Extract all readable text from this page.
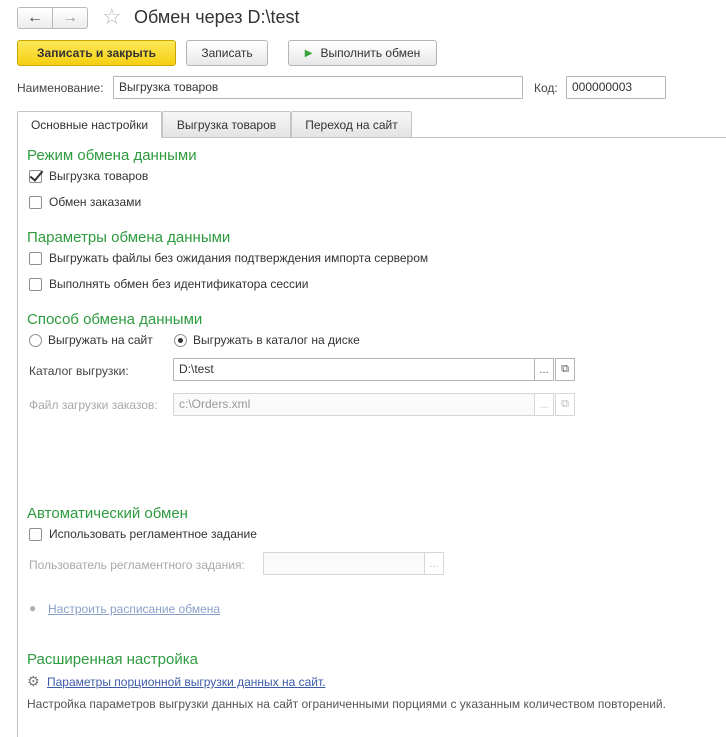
← → ☆ Обмен через D:\test
Записать и закрыть	Записать	▶ Выполнить обмен
Наименование:	Выгрузка товаров	Код:	000000003
Основные настройки	Выгрузка товаров	Переход на сайт
Режим обмена данными
Выгрузка товаров
Обмен заказами
Параметры обмена данными
Выгружать файлы без ожидания подтверждения импорта сервером
Выполнять обмен без идентификатора сессии
Способ обмена данными
Выгружать на сайт	Выгружать в каталог на диске
Каталог выгрузки:	D:\test	...	⧉
Файл загрузки заказов:	c:\Orders.xml	...	⧉
Автоматический обмен
Использовать регламентное задание
Пользователь регламентного задания:	...
● Настроить расписание обмена
Расширенная настройка
⚙ Параметры порционной выгрузки данных на сайт.
Настройка параметров выгрузки данных на сайт ограниченными порциями с указанным количеством повторений.
